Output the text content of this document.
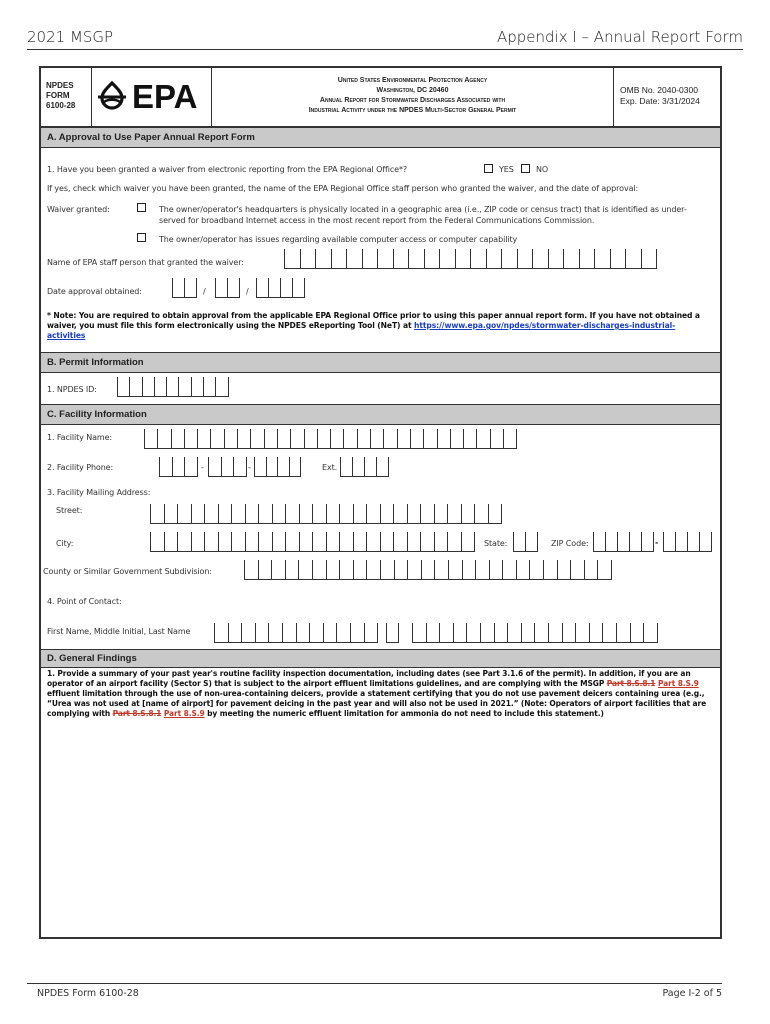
2021 MSGP	Appendix I – Annual Report Form
NPDES
FORM
6100-28	EPA	United States Environmental Protection Agency
Washington, DC 20460
Annual Report for Stormwater Discharges Associated with
Industrial Activity under the NPDES Multi-Sector General Permit
OMB No. 2040-0300
Exp. Date: 3/31/2024
A. Approval to Use Paper Annual Report Form
1. Have you been granted a waiver from electronic reporting from the EPA Regional Office*?	YES	NO
If yes, check which waiver you have been granted, the name of the EPA Regional Office staff person who granted the waiver, and the date of approval:
Waiver granted:	The owner/operator's headquarters is physically located in a geographic area (i.e., ZIP code or census tract) that is identified as under-served for broadband Internet access in the most recent report from the Federal Communications Commission.
The owner/operator has issues regarding available computer access or computer capability
Name of EPA staff person that granted the waiver:
Date approval obtained:	/	/
* Note: You are required to obtain approval from the applicable EPA Regional Office prior to using this paper annual report form. If you have not obtained a waiver, you must file this form electronically using the NPDES eReporting Tool (NeT) at https://www.epa.gov/npdes/stormwater-discharges-industrial-activities
B. Permit Information
1. NPDES ID:
C. Facility Information
1. Facility Name:
2. Facility Phone:	-	-	Ext.
3. Facility Mailing Address:
Street:
City:	State:	ZIP Code:	-
County or Similar Government Subdivision:
4. Point of Contact:
First Name, Middle Initial, Last Name
D. General Findings
1. Provide a summary of your past year's routine facility inspection documentation, including dates (see Part 3.1.6 of the permit). In addition, if you are an operator of an airport facility (Sector S) that is subject to the airport effluent limitations guidelines, and are complying with the MSGP Part 8.S.8.1 Part 8.S.9 effluent limitation through the use of non-urea-containing deicers, provide a statement certifying that you do not use pavement deicers containing urea (e.g., “Urea was not used at [name of airport] for pavement deicing in the past year and will also not be used in 2021.” (Note: Operators of airport facilities that are complying with Part 8.S.8.1 Part 8.S.9 by meeting the numeric effluent limitation for ammonia do not need to include this statement.)
NPDES Form 6100-28	Page I-2 of 5
